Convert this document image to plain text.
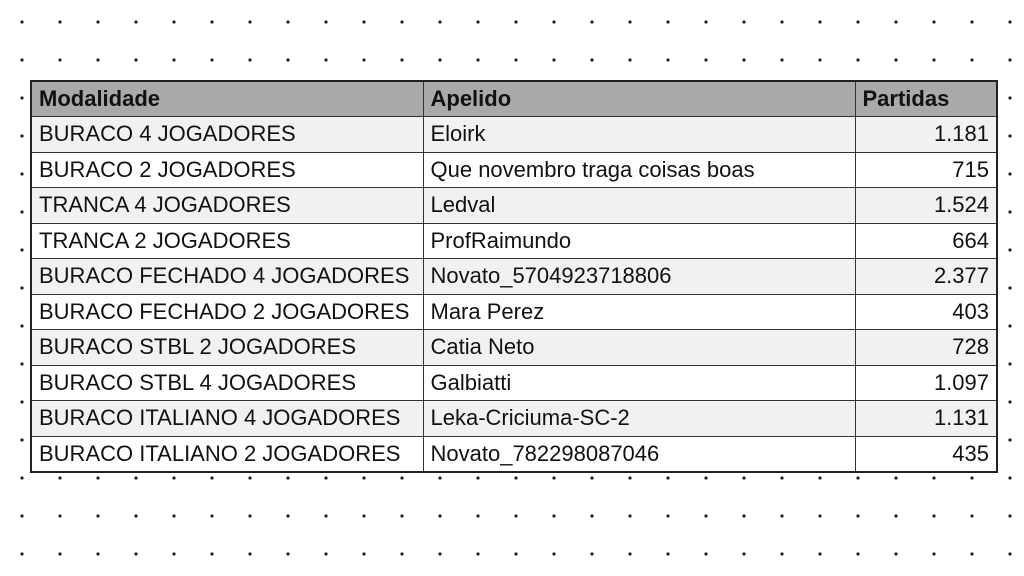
Modalidade	Apelido	Partidas
BURACO 4 JOGADORES	Eloirk	1.181
BURACO 2 JOGADORES	Que novembro traga coisas boas	715
TRANCA 4 JOGADORES	Ledval	1.524
TRANCA 2 JOGADORES	ProfRaimundo	664
BURACO FECHADO 4 JOGADORES	Novato_5704923718806	2.377
BURACO FECHADO 2 JOGADORES	Mara Perez	403
BURACO STBL 2 JOGADORES	Catia Neto	728
BURACO STBL 4 JOGADORES	Galbiatti	1.097
BURACO ITALIANO 4 JOGADORES	Leka-Criciuma-SC-2	1.131
BURACO ITALIANO 2 JOGADORES	Novato_782298087046	435
